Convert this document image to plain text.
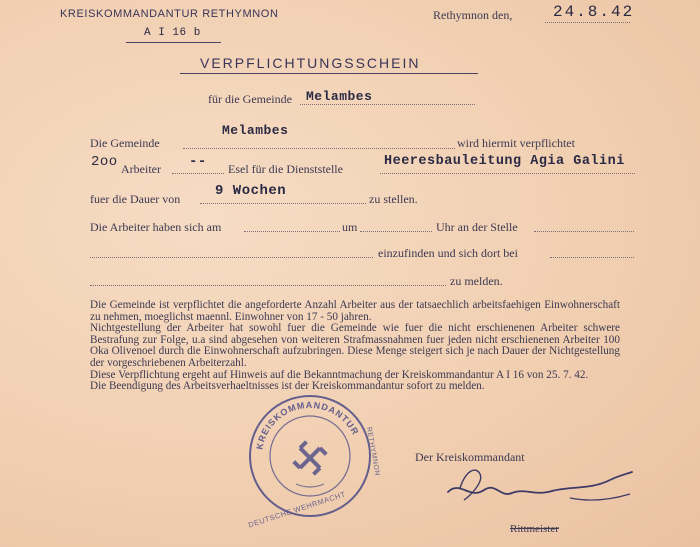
KREISKOMMANDANTUR RETHYMNON
A I 16 b
Rethymnon den,	24.8.42
VERPFLICHTUNGSSCHEIN
für die Gemeinde Melambes
Die Gemeinde
Melambes
wird hiermit verpflichtet
2oo Arbeiter -- Esel für die Dienststelle	Heeresbauleitung Agia Galini
fuer die Dauer von 9 Wochen	zu stellen.
Die Arbeiter haben sich am	um	Uhr an der Stelle
einzufinden und sich dort bei
zu melden.

Die Gemeinde ist verpflichtet die angeforderte Anzahl Arbeiter aus der tatsaechlich arbeitsfaehigen Einwohnerschaft zu nehmen, moeglichst maennl. Einwohner von 17 - 50 jahren.

Nichtgestellung der Arbeiter hat sowohl fuer die Gemeinde wie fuer die nicht erschienenen Arbeiter schwere Bestrafung zur Folge, u.a sind abgesehen von weiteren Strafmassnahmen fuer jeden nicht erschienenen Arbeiter 100 Oka Olivenoel durch die Einwohnerschaft aufzubringen. Diese Menge steigert sich je nach Dauer der Nichtgestellung der vorgeschriebenen Arbeiterzahl.

Diese Verpflichtung ergeht auf Hinweis auf die Bekanntmachung der Kreiskommandantur A I 16 von 25. 7. 42.

Die Beendigung des Arbeitsverhaeltnisses ist der Kreiskommandantur sofort zu melden.

Der Kreiskommandant
Rittmeister
KREISKOMMANDANTUR
DEUTSCHE WEHRMACHT
RETHYMNON
